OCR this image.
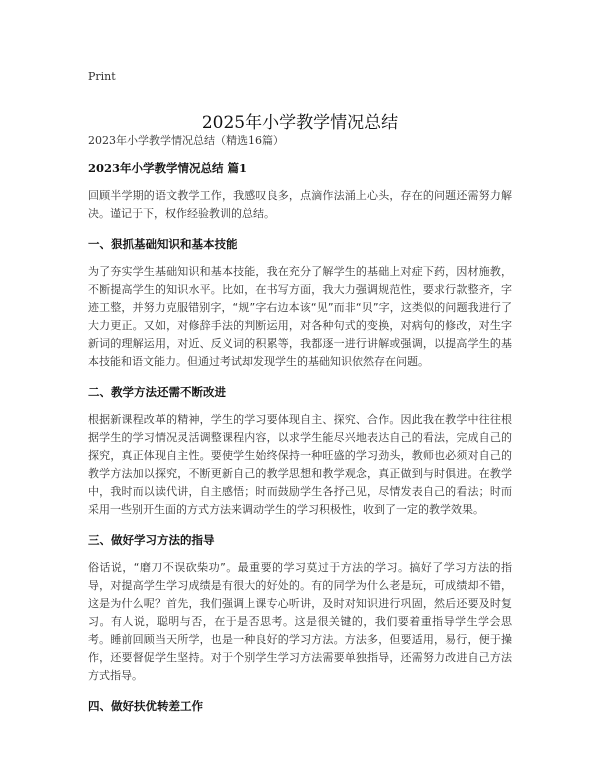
Print
2025年小学教学情况总结

2023年小学教学情况总结（精选16篇）

2023年小学教学情况总结 篇1

回顾半学期的语文教学工作，我感叹良多，点滴作法涌上心头，存在的问题还需努力解决。谨记于下，权作经验教训的总结。

一、狠抓基础知识和基本技能

为了夯实学生基础知识和基本技能，我在充分了解学生的基础上对症下药，因材施教，不断提高学生的知识水平。比如，在书写方面，我大力强调规范性，要求行款整齐，字迹工整，并努力克服错别字，“规”字右边本该“见”而非“贝”字，这类似的问题我进行了大力更正。又如，对修辞手法的判断运用，对各种句式的变换，对病句的修改，对生字新词的理解运用，对近、反义词的积累等，我都逐一进行讲解或强调，以提高学生的基本技能和语文能力。但通过考试却发现学生的基础知识依然存在问题。

二、教学方法还需不断改进

根据新课程改革的精神，学生的学习要体现自主、探究、合作。因此我在教学中往往根据学生的学习情况灵活调整课程内容，以求学生能尽兴地表达自己的看法，完成自己的探究，真正体现自主性。要使学生始终保持一种旺盛的学习劲头，教师也必须对自己的教学方法加以探究，不断更新自己的教学思想和教学观念，真正做到与时俱进。在教学中，我时而以读代讲，自主感悟；时而鼓励学生各抒己见，尽情发表自己的看法；时而采用一些别开生面的方式方法来调动学生的学习积极性，收到了一定的教学效果。

三、做好学习方法的指导

俗话说，“磨刀不误砍柴功”。最重要的学习莫过于方法的学习。搞好了学习方法的指导，对提高学生学习成绩是有很大的好处的。有的同学为什么老是玩，可成绩却不错，这是为什么呢？首先，我们强调上课专心听讲，及时对知识进行巩固，然后还要及时复习。有人说，聪明与否，在于是否思考。这是很关键的，我们要着重指导学生学会思考。睡前回顾当天所学，也是一种良好的学习方法。方法多，但要适用，易行，便于操作，还要督促学生坚持。对于个别学生学习方法需要单独指导，还需努力改进自己方法方式指导。

四、做好扶优转差工作
